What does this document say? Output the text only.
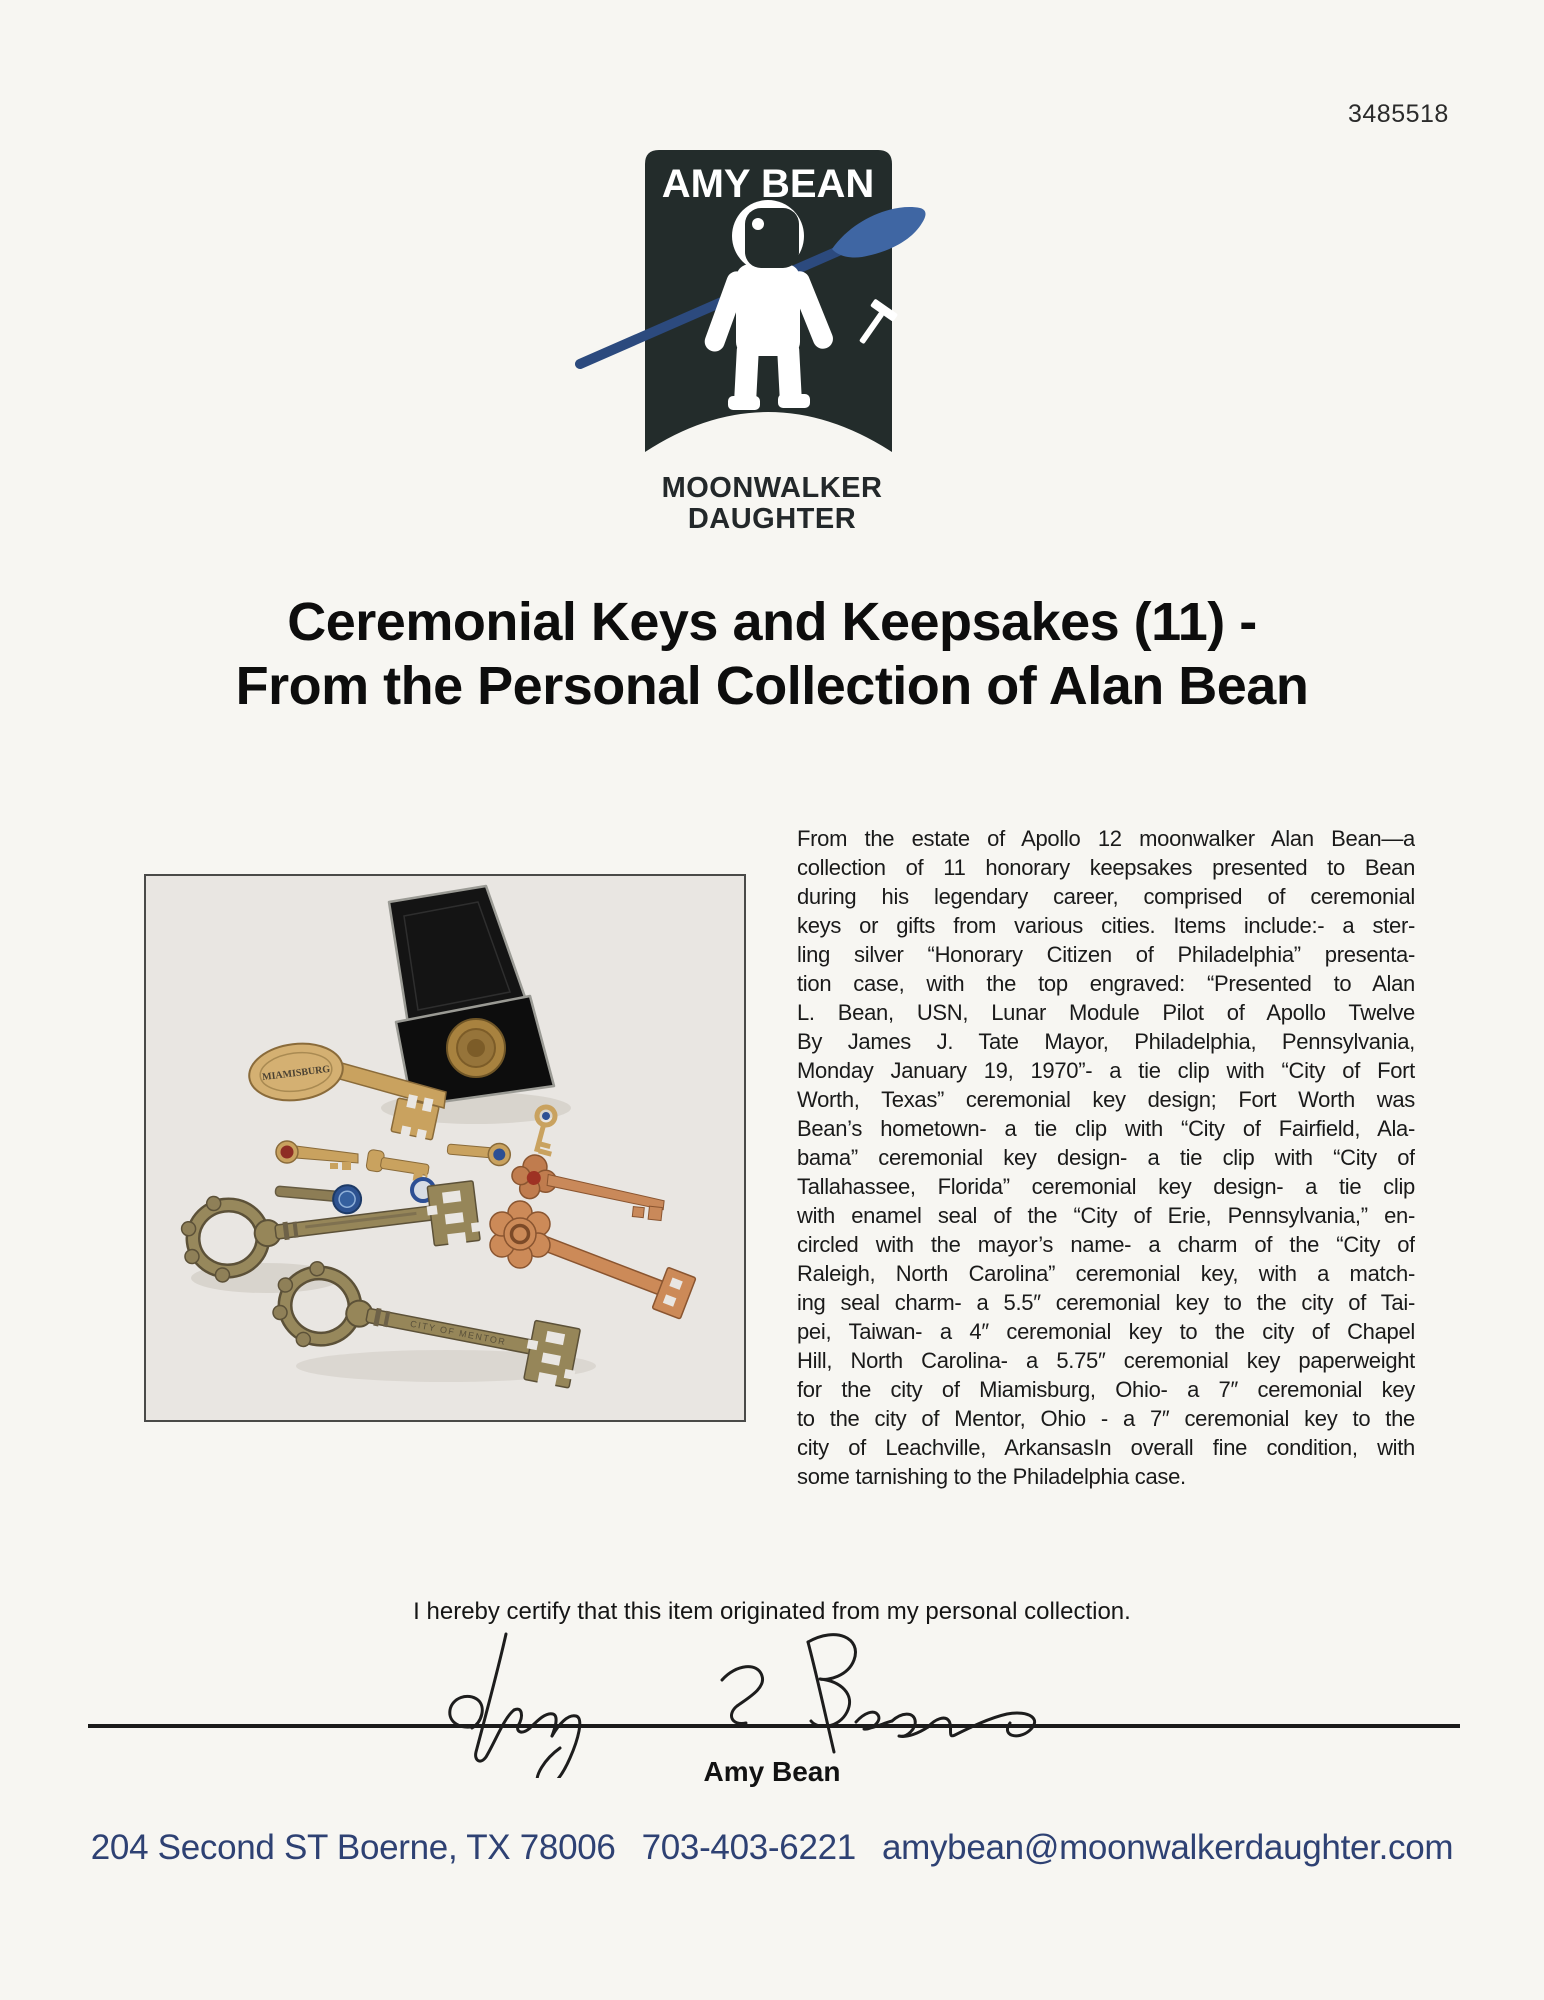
3485518
AMY BEAN
MOONWALKER
DAUGHTER
Ceremonial Keys and Keepsakes (11) -
From the Personal Collection of Alan Bean
MIAMISBURG
CITY OF MENTOR
From the estate of Apollo 12 moonwalker Alan Bean—a
collection of 11 honorary keepsakes presented to Bean
during his legendary career, comprised of ceremonial
keys or gifts from various cities. Items include:- a ster-
ling silver “Honorary Citizen of Philadelphia” presenta-
tion case, with the top engraved: “Presented to Alan
L. Bean, USN, Lunar Module Pilot of Apollo Twelve
By James J. Tate Mayor, Philadelphia, Pennsylvania,
Monday January 19, 1970”- a tie clip with “City of Fort
Worth, Texas” ceremonial key design; Fort Worth was
Bean’s hometown- a tie clip with “City of Fairfield, Ala-
bama” ceremonial key design- a tie clip with “City of
Tallahassee, Florida” ceremonial key design- a tie clip
with enamel seal of the “City of Erie, Pennsylvania,” en-
circled with the mayor’s name- a charm of the “City of
Raleigh, North Carolina” ceremonial key, with a match-
ing seal charm- a 5.5″ ceremonial key to the city of Tai-
pei, Taiwan- a 4″ ceremonial key to the city of Chapel
Hill, North Carolina- a 5.75″ ceremonial key paperweight
for the city of Miamisburg, Ohio- a 7″ ceremonial key
to the city of Mentor, Ohio - a 7″ ceremonial key to the
city of Leachville, ArkansasIn overall fine condition, with
some tarnishing to the Philadelphia case.
I hereby certify that this item originated from my personal collection.
Amy Bean
204 Second ST Boerne, TX 78006 703-403-6221 amybean@moonwalkerdaughter.com
